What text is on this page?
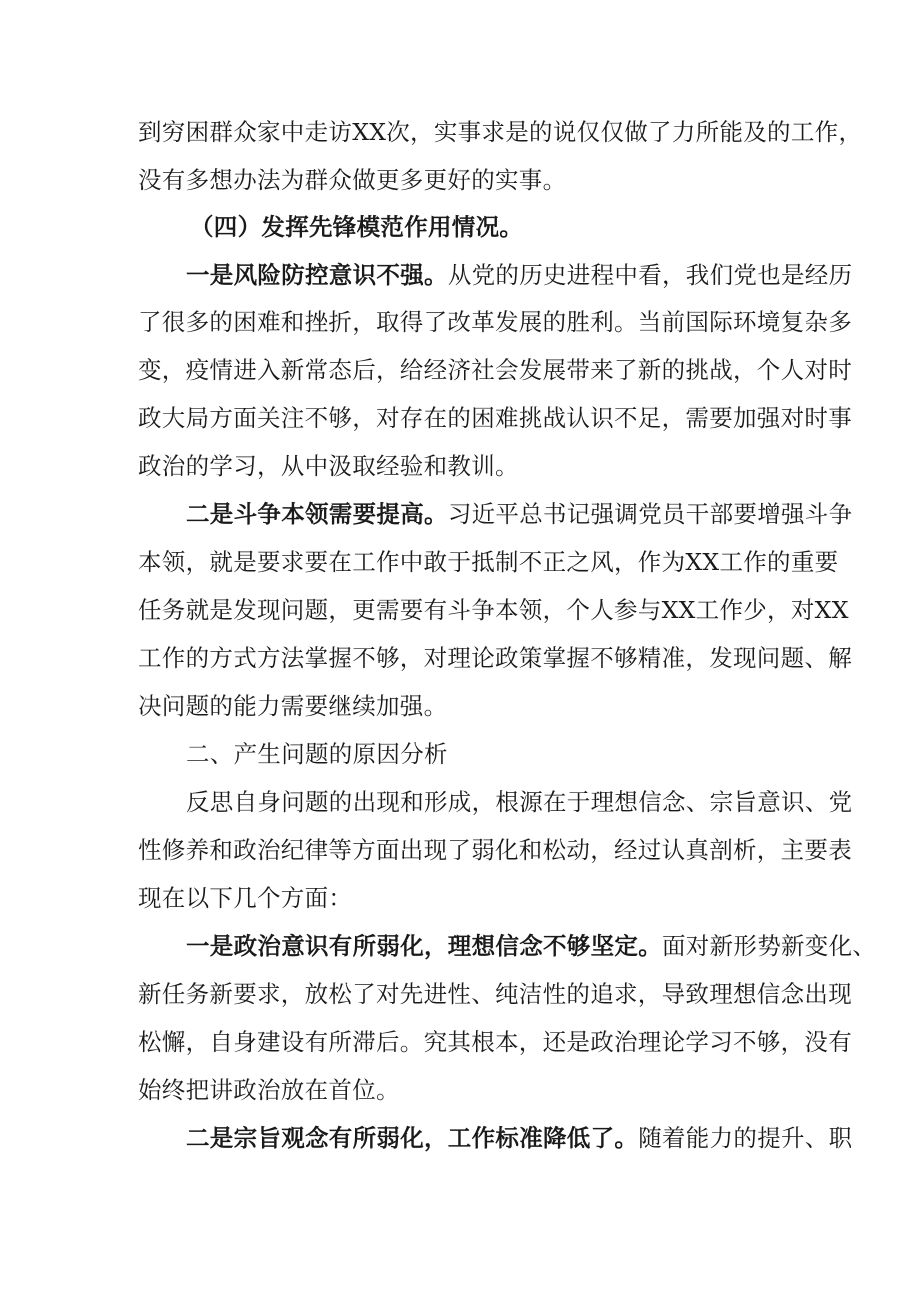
到穷困群众家中走访XX次，实事求是的说仅仅做了力所能及的工作，
没有多想办法为群众做更多更好的实事。
（四）发挥先锋模范作用情况。
一是风险防控意识不强。从党的历史进程中看，我们党也是经历
了很多的困难和挫折，取得了改革发展的胜利。当前国际环境复杂多
变，疫情进入新常态后，给经济社会发展带来了新的挑战，个人对时
政大局方面关注不够，对存在的困难挑战认识不足，需要加强对时事
政治的学习，从中汲取经验和教训。
二是斗争本领需要提高。习近平总书记强调党员干部要增强斗争
本领，就是要求要在工作中敢于抵制不正之风，作为XX工作的重要
任务就是发现问题，更需要有斗争本领，个人参与XX工作少，对XX
工作的方式方法掌握不够，对理论政策掌握不够精准，发现问题、解
决问题的能力需要继续加强。
二、产生问题的原因分析
反思自身问题的出现和形成，根源在于理想信念、宗旨意识、党
性修养和政治纪律等方面出现了弱化和松动，经过认真剖析，主要表
现在以下几个方面：
一是政治意识有所弱化，理想信念不够坚定。面对新形势新变化、
新任务新要求，放松了对先进性、纯洁性的追求，导致理想信念出现
松懈，自身建设有所滞后。究其根本，还是政治理论学习不够，没有
始终把讲政治放在首位。
二是宗旨观念有所弱化，工作标准降低了。随着能力的提升、职
